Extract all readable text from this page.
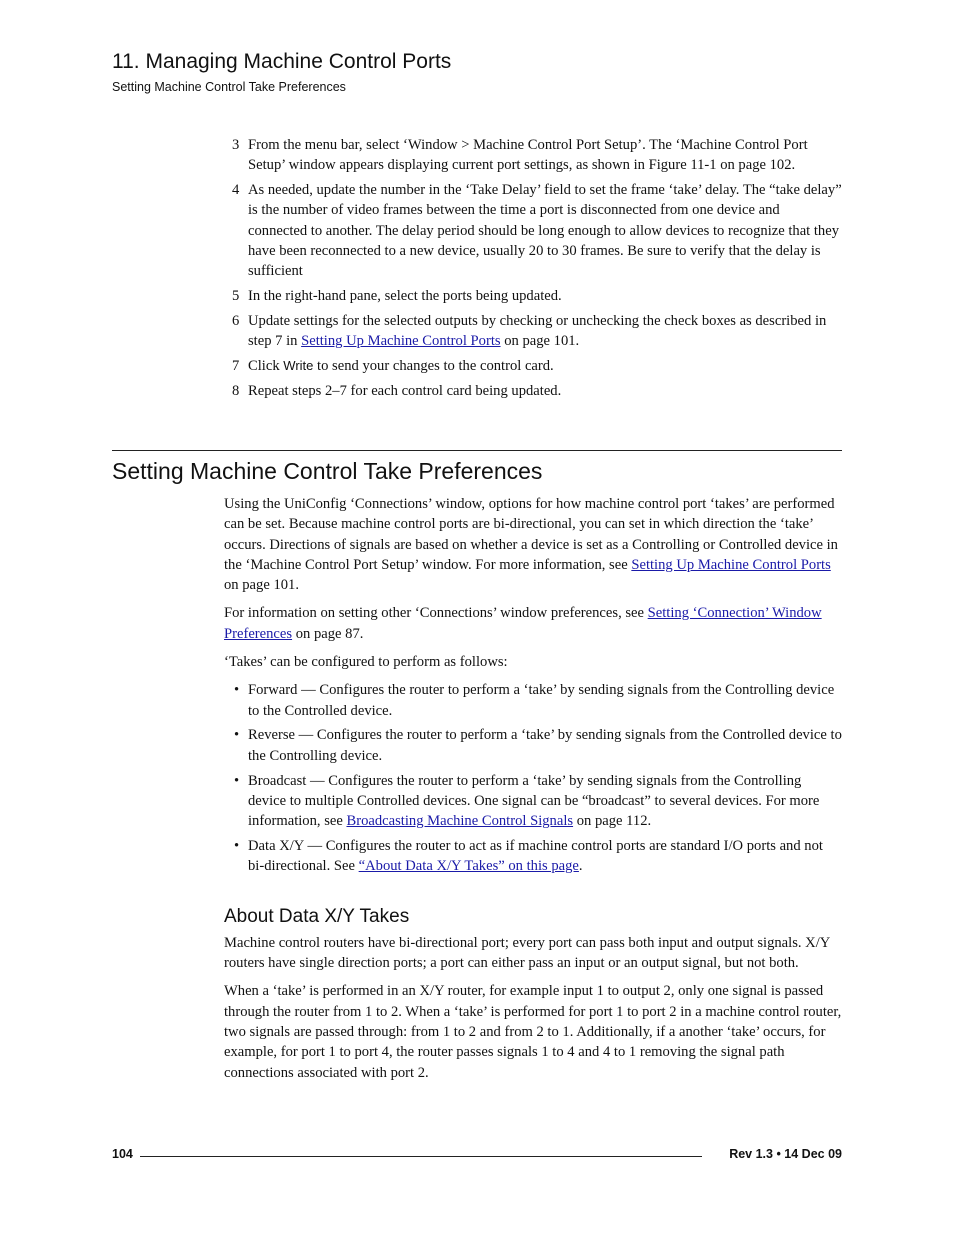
11. Managing Machine Control Ports
Setting Machine Control Take Preferences
3 From the menu bar, select ‘Window > Machine Control Port Setup’. The ‘Machine Control Port Setup’ window appears displaying current port settings, as shown in Figure 11-1 on page 102.
4 As needed, update the number in the ‘Take Delay’ field to set the frame ‘take’ delay. The “take delay” is the number of video frames between the time a port is disconnected from one device and connected to another. The delay period should be long enough to allow devices to recognize that they have been reconnected to a new device, usually 20 to 30 frames. Be sure to verify that the delay is sufficient
5 In the right-hand pane, select the ports being updated.
6 Update settings for the selected outputs by checking or unchecking the check boxes as described in step 7 in Setting Up Machine Control Ports on page 101.
7 Click Write to send your changes to the control card.
8 Repeat steps 2–7 for each control card being updated.
Setting Machine Control Take Preferences

Using the UniConfig ‘Connections’ window, options for how machine control port ‘takes’ are performed can be set. Because machine control ports are bi-directional, you can set in which direction the ‘take’ occurs. Directions of signals are based on whether a device is set as a Controlling or Controlled device in the ‘Machine Control Port Setup’ window. For more information, see Setting Up Machine Control Ports on page 101.

For information on setting other ‘Connections’ window preferences, see Setting ‘Connection’ Window Preferences on page 87.

‘Takes’ can be configured to perform as follows:

• Forward — Configures the router to perform a ‘take’ by sending signals from the Controlling device to the Controlled device.
• Reverse — Configures the router to perform a ‘take’ by sending signals from the Controlled device to the Controlling device.
• Broadcast — Configures the router to perform a ‘take’ by sending signals from the Controlling device to multiple Controlled devices. One signal can be “broadcast” to several devices. For more information, see Broadcasting Machine Control Signals on page 112.
• Data X/Y — Configures the router to act as if machine control ports are standard I/O ports and not bi-directional. See “About Data X/Y Takes” on this page.
About Data X/Y Takes

Machine control routers have bi-directional port; every port can pass both input and output signals. X/Y routers have single direction ports; a port can either pass an input or an output signal, but not both.

When a ‘take’ is performed in an X/Y router, for example input 1 to output 2, only one signal is passed through the router from 1 to 2. When a ‘take’ is performed for port 1 to port 2 in a machine control router, two signals are passed through: from 1 to 2 and from 2 to 1. Additionally, if a another ‘take’ occurs, for example, for port 1 to port 4, the router passes signals 1 to 4 and 4 to 1 removing the signal path connections associated with port 2.

104	Rev 1.3 • 14 Dec 09
